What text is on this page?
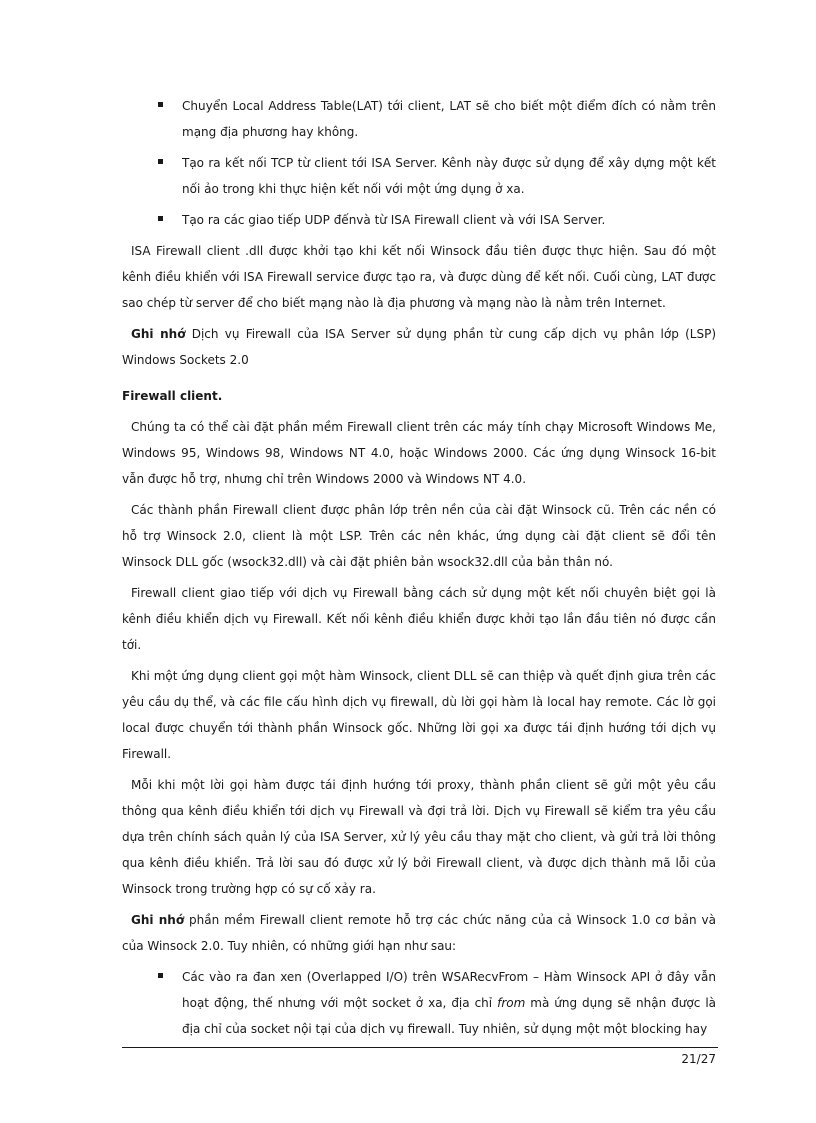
Chuyển Local Address Table(LAT) tới client, LAT sẽ cho biết một điểm đích có nằm trên mạng địa phương hay không.
Tạo ra kết nối TCP từ client tới ISA Server. Kênh này được sử dụng để xây dựng một kết nối ảo trong khi thực hiện kết nối với một ứng dụng ở xa.
Tạo ra các giao tiếp UDP đếnvà từ ISA Firewall client và với ISA Server.

ISA Firewall client .dll được khởi tạo khi kết nối Winsock đầu tiên được thực hiện. Sau đó một kênh điều khiển với ISA Firewall service được tạo ra, và được dùng để kết nối. Cuối cùng, LAT được sao chép từ server để cho biết mạng nào là địa phương và mạng nào là nằm trên Internet.

Ghi nhớ Dịch vụ Firewall của ISA Server sử dụng phần từ cung cấp dịch vụ phân lớp (LSP) Windows Sockets 2.0

Firewall client.

Chúng ta có thể cài đặt phần mềm Firewall client trên các máy tính chạy Microsoft Windows Me, Windows 95, Windows 98, Windows NT 4.0, hoặc Windows 2000. Các ứng dụng Winsock 16-bit vẫn được hỗ trợ, nhưng chỉ trên Windows 2000 và Windows NT 4.0.

Các thành phần Firewall client được phân lớp trên nền của cài đặt Winsock cũ. Trên các nền có hỗ trợ Winsock 2.0, client là một LSP. Trên các nên khác, ứng dụng cài đặt client sẽ đổi tên Winsock DLL gốc (wsock32.dll) và cài đặt phiên bản wsock32.dll của bản thân nó.

Firewall client giao tiếp với dịch vụ Firewall bằng cách sử dụng một kết nối chuyên biệt gọi là kênh điều khiển dịch vụ Firewall. Kết nối kênh điều khiển được khởi tạo lần đầu tiên nó được cần tới.

Khi một ứng dụng client gọi một hàm Winsock, client DLL sẽ can thiệp và quết định giưa trên các yêu cầu dụ thể, và các file cấu hình dịch vụ firewall, dù lời gọi hàm là local hay remote. Các lờ gọi local được chuyển tới thành phần Winsock gốc. Những lời gọi xa được tái định hướng tới dịch vụ Firewall.

Mỗi khi một lời gọi hàm được tái định hướng tới proxy, thành phần client sẽ gửi một yêu cầu thông qua kênh điều khiển tới dịch vụ Firewall và đợi trả lời. Dịch vụ Firewall sẽ kiểm tra yêu cầu dựa trên chính sách quản lý của ISA Server, xử lý yêu cầu thay mặt cho client, và gửi trả lời thông qua kênh điều khiển. Trả lời sau đó được xử lý bởi Firewall client, và được dịch thành mã lỗi của Winsock trong trường hợp có sự cố xảy ra.

Ghi nhớ phần mềm Firewall client remote hỗ trợ các chức năng của cả Winsock 1.0 cơ bản và của Winsock 2.0. Tuy nhiên, có những giới hạn như sau:

Các vào ra đan xen (Overlapped I/O) trên WSARecvFrom – Hàm Winsock API ở đây vẫn hoạt động, thế nhưng với một socket ở xa, địa chỉ from mà ứng dụng sẽ nhận được là địa chỉ của socket nội tại của dịch vụ firewall. Tuy nhiên, sử dụng một một blocking hay
21/27
